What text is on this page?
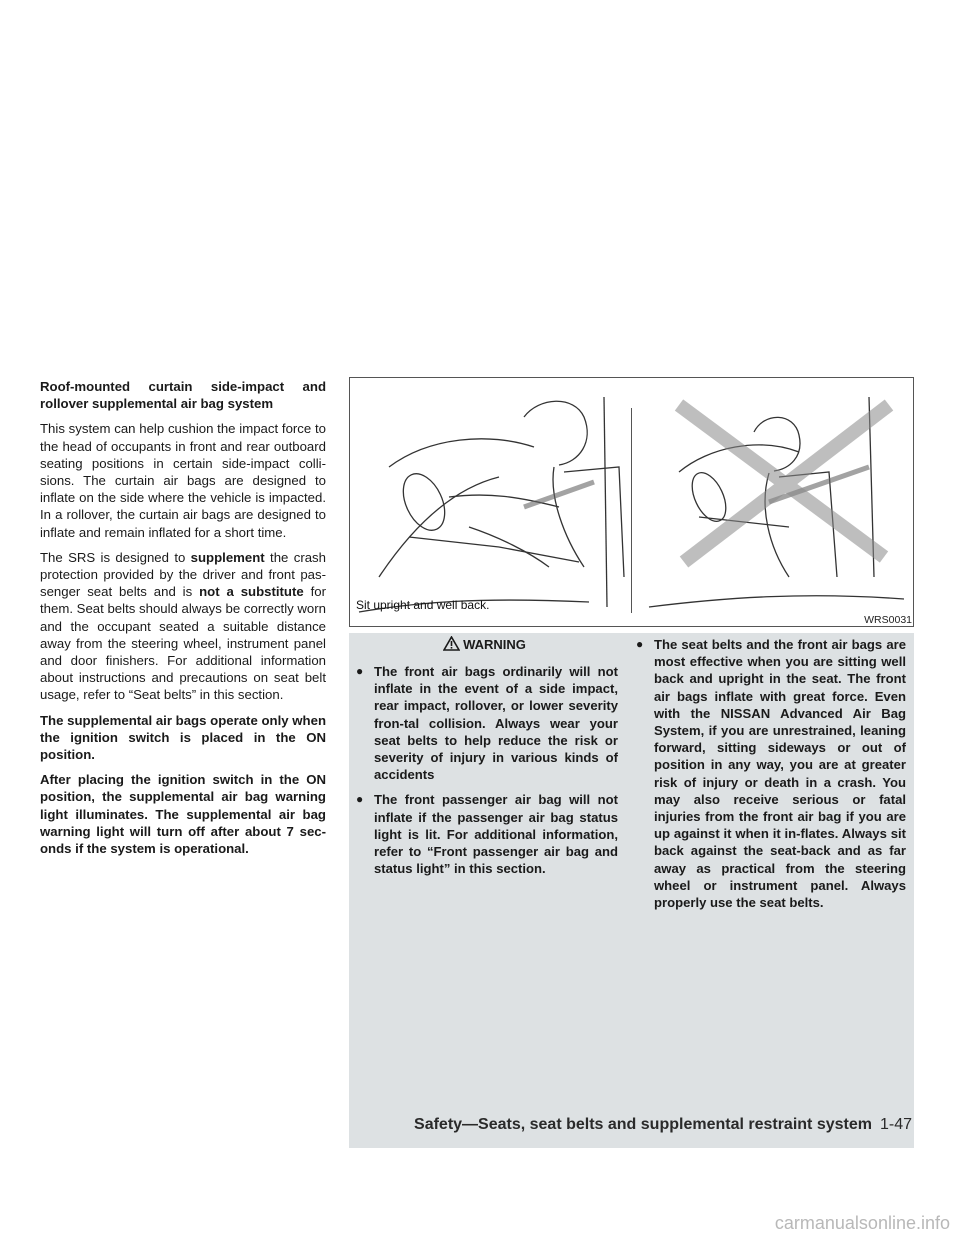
Roof-mounted curtain side-impact and rollover supplemental air bag system

This system can help cushion the impact force to the head of occupants in front and rear outboard seating positions in certain side-impact colli-sions. The curtain air bags are designed to inflate on the side where the vehicle is impacted. In a rollover, the curtain air bags are designed to inflate and remain inflated for a short time.

The SRS is designed to supplement the crash protection provided by the driver and front pas-senger seat belts and is not a substitute for them. Seat belts should always be correctly worn and the occupant seated a suitable distance away from the steering wheel, instrument panel and door finishers. For additional information about instructions and precautions on seat belt usage, refer to “Seat belts” in this section.

The supplemental air bags operate only when the ignition switch is placed in the ON position.

After placing the ignition switch in the ON position, the supplemental air bag warning light illuminates. The supplemental air bag warning light will turn off after about 7 sec-onds if the system is operational.

Sit upright and well back.
WRS0031
WARNING
● The front air bags ordinarily will not inflate in the event of a side impact, rear impact, rollover, or lower severity fron-tal collision. Always wear your seat belts to help reduce the risk or severity of injury in various kinds of accidents
● The front passenger air bag will not inflate if the passenger air bag status light is lit. For additional information, refer to “Front passenger air bag and status light” in this section.
● The seat belts and the front air bags are most effective when you are sitting well back and upright in the seat. The front air bags inflate with great force. Even with the NISSAN Advanced Air Bag System, if you are unrestrained, leaning forward, sitting sideways or out of position in any way, you are at greater risk of injury or death in a crash. You may also receive serious or fatal injuries from the front air bag if you are up against it when it in-flates. Always sit back against the seat-back and as far away as practical from the steering wheel or instrument panel. Always properly use the seat belts.
Safety—Seats, seat belts and supplemental restraint system 1-47
carmanualsonline.info
